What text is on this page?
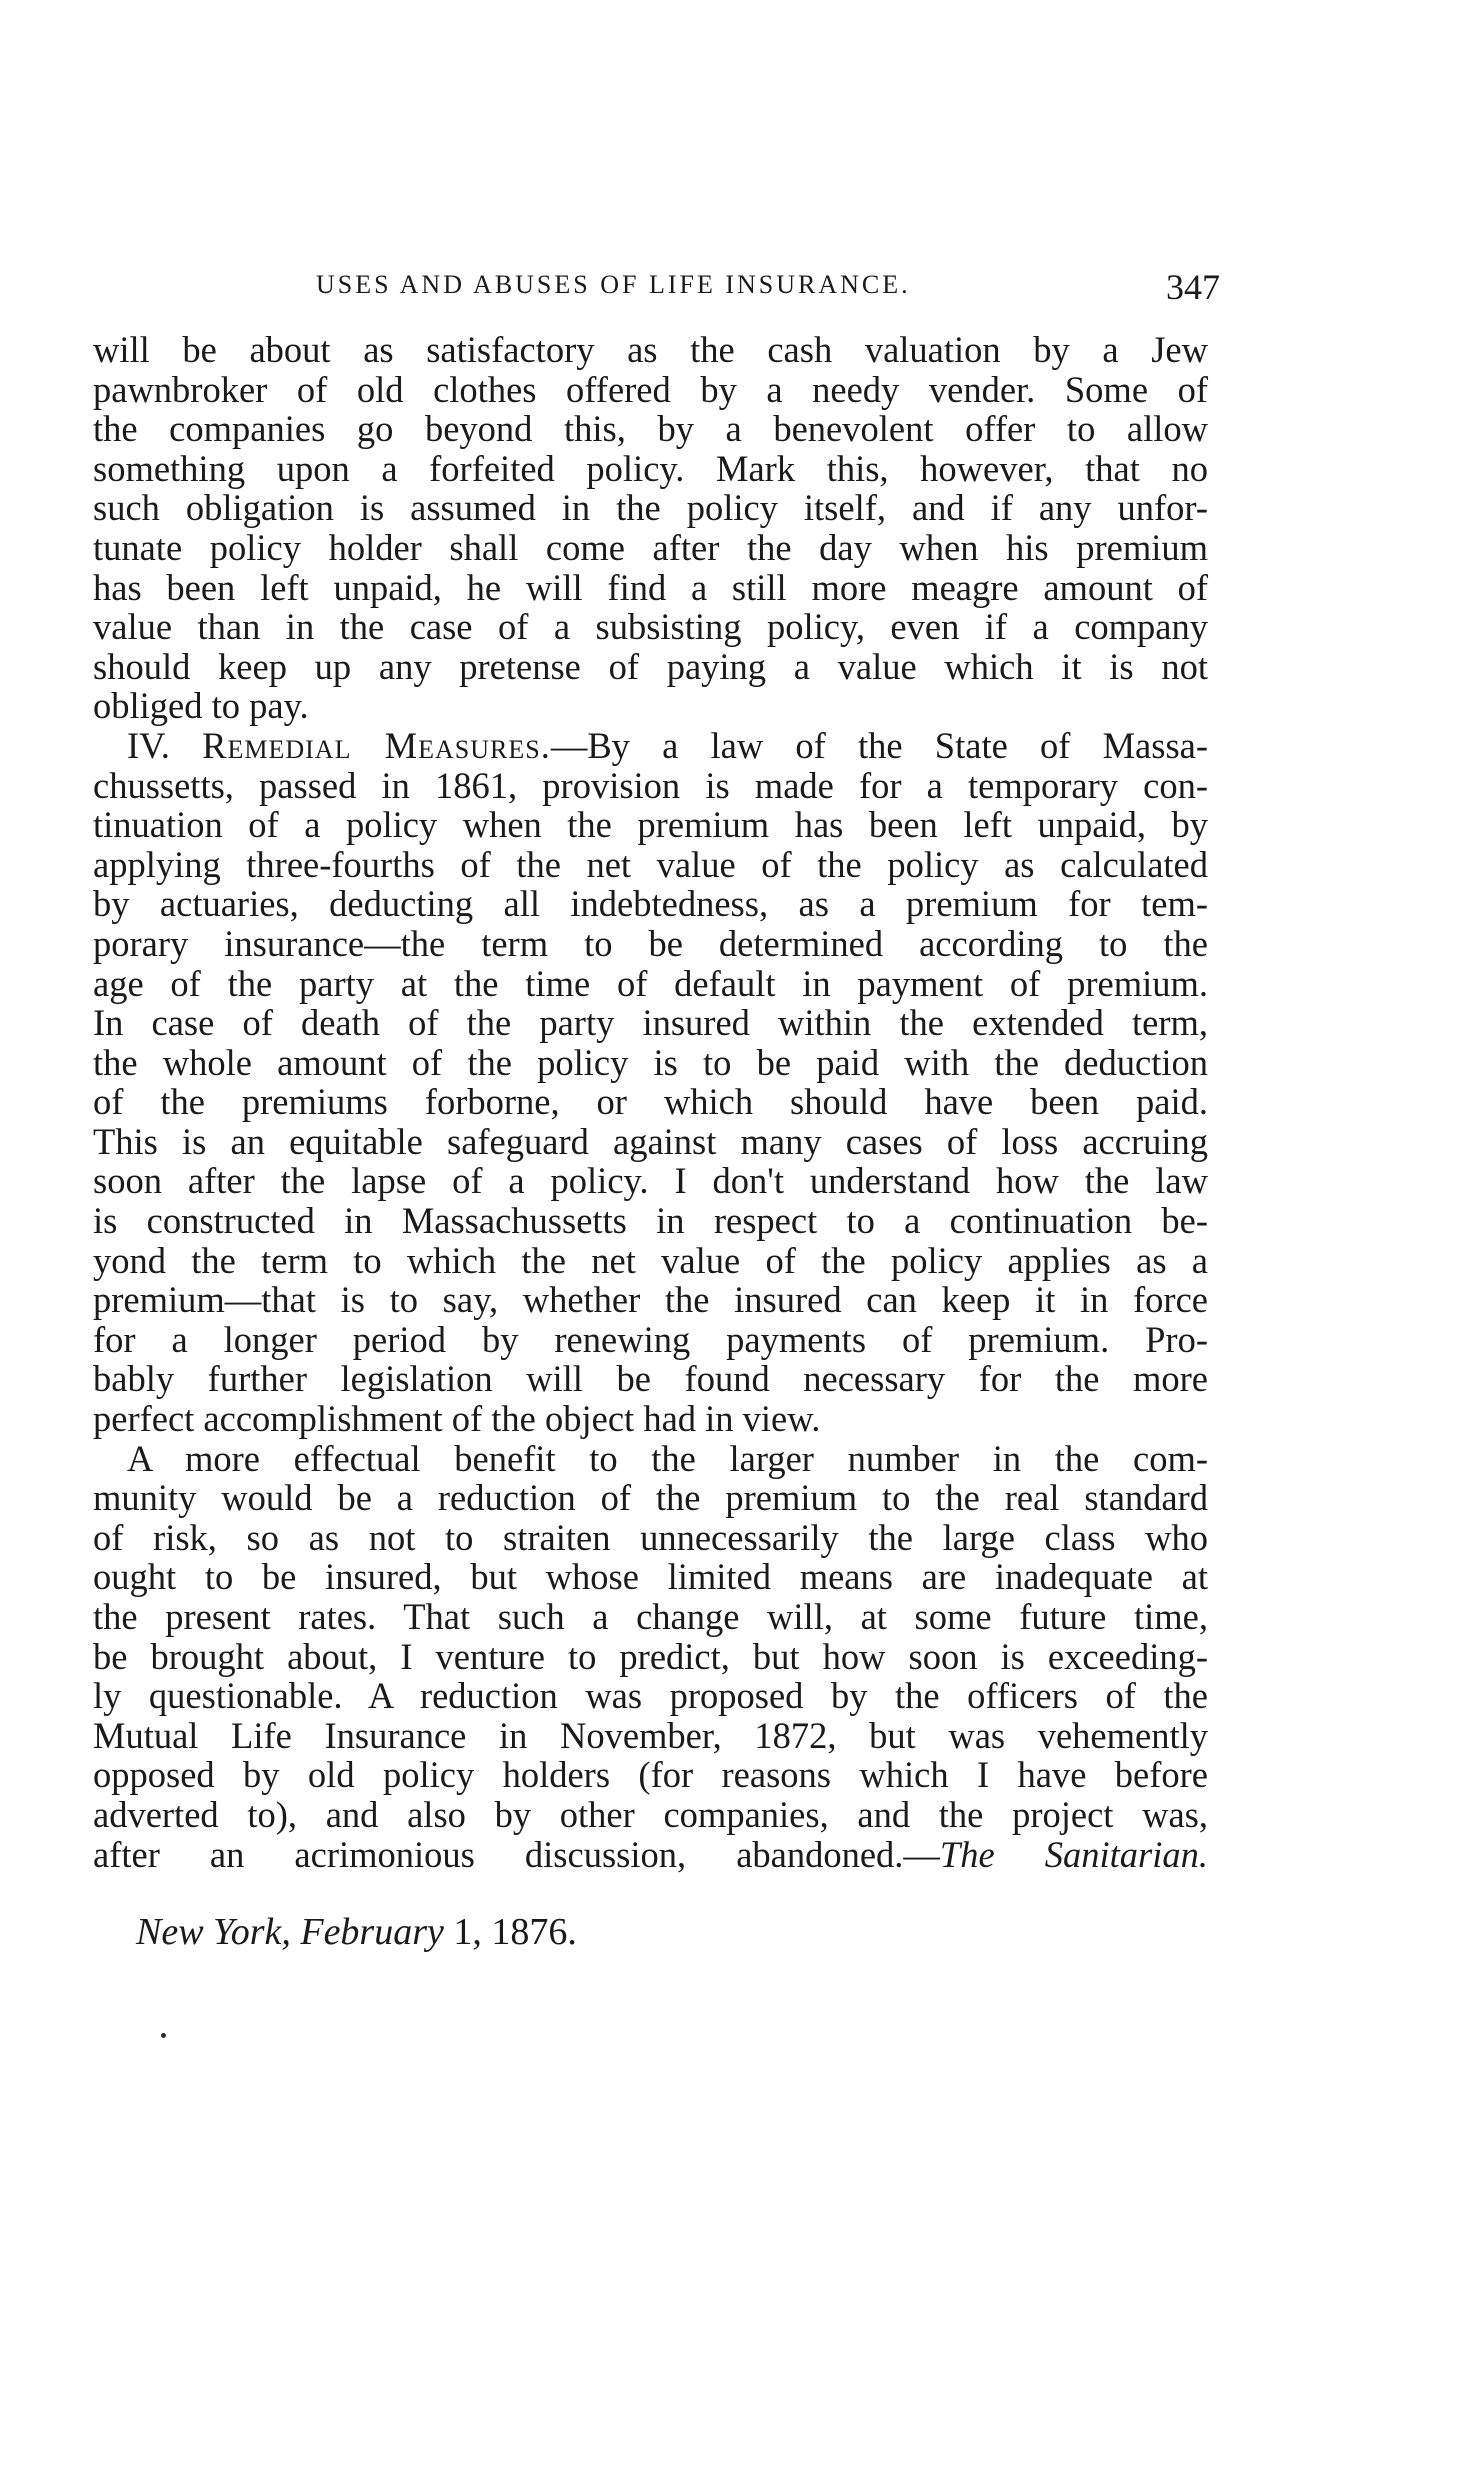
USES AND ABUSES OF LIFE INSURANCE.	347
will be about as satisfactory as the cash valuation by a Jew
pawnbroker of old clothes offered by a needy vender. Some of
the companies go beyond this, by a benevolent offer to allow
something upon a forfeited policy. Mark this, however, that no
such obligation is assumed in the policy itself, and if any unfor-
tunate policy holder shall come after the day when his premium
has been left unpaid, he will find a still more meagre amount of
value than in the case of a subsisting policy, even if a company
should keep up any pretense of paying a value which it is not
obliged to pay.
IV. Remedial Measures.—By a law of the State of Massa-
chussetts, passed in 1861, provision is made for a temporary con-
tinuation of a policy when the premium has been left unpaid, by
applying three-fourths of the net value of the policy as calculated
by actuaries, deducting all indebtedness, as a premium for tem-
porary insurance—the term to be determined according to the
age of the party at the time of default in payment of premium.
In case of death of the party insured within the extended term,
the whole amount of the policy is to be paid with the deduction
of the premiums forborne, or which should have been paid.
This is an equitable safeguard against many cases of loss accruing
soon after the lapse of a policy. I don't understand how the law
is constructed in Massachussetts in respect to a continuation be-
yond the term to which the net value of the policy applies as a
premium—that is to say, whether the insured can keep it in force
for a longer period by renewing payments of premium. Pro-
bably further legislation will be found necessary for the more
perfect accomplishment of the object had in view.
A more effectual benefit to the larger number in the com-
munity would be a reduction of the premium to the real standard
of risk, so as not to straiten unnecessarily the large class who
ought to be insured, but whose limited means are inadequate at
the present rates. That such a change will, at some future time,
be brought about, I venture to predict, but how soon is exceeding-
ly questionable. A reduction was proposed by the officers of the
Mutual Life Insurance in November, 1872, but was vehemently
opposed by old policy holders (for reasons which I have before
adverted to), and also by other companies, and the project was,
after an acrimonious discussion, abandoned.—The Sanitarian.
New York, February 1, 1876.
